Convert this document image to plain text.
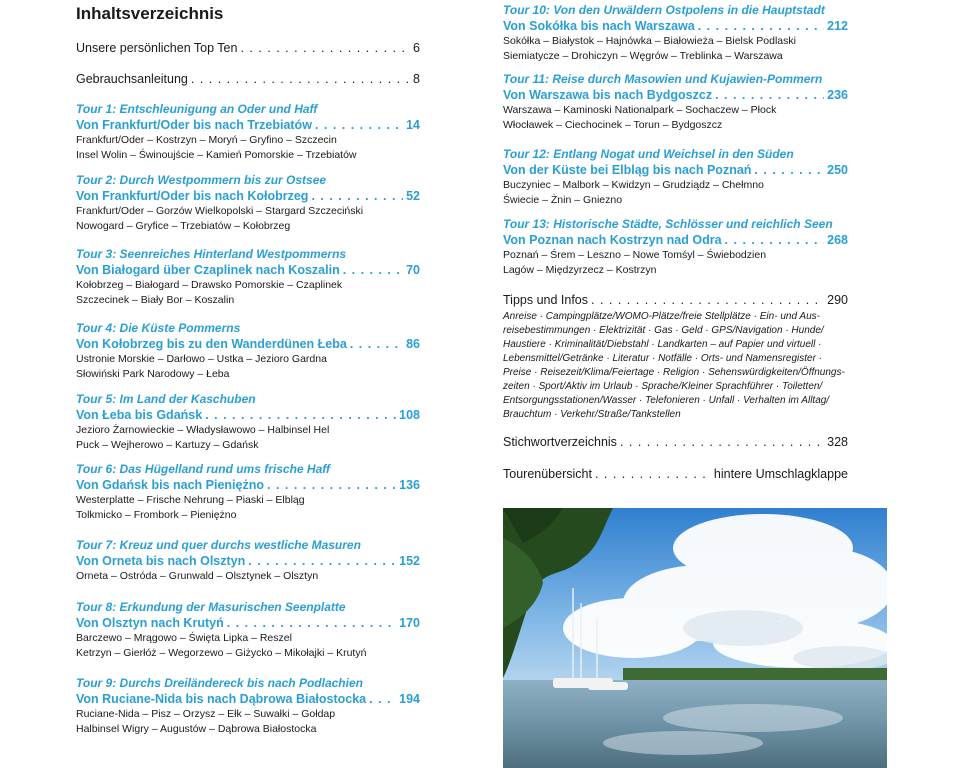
Inhaltsverzeichnis
Unsere persönlichen Top Ten . . .	6
Gebrauchsanleitung . . .	8
Tour 1: Entschleunigung an Oder und Haff
Von Frankfurt/Oder bis nach Trzebiatów . . .	14
Frankfurt/Oder – Kostrzyn – Moryń – Gryfino – Szczecin
Insel Wolin – Świnoujście – Kamień Pomorskie – Trzebiatów
Tour 2: Durch Westpommern bis zur Ostsee
Von Frankfurt/Oder bis nach Kołobrzeg . . .	52
Frankfurt/Oder – Gorzów Wielkopolski – Stargard Szczeciński
Nowogard – Gryfice – Trzebiatów – Kołobrzeg
Tour 3: Seenreiches Hinterland Westpommerns
Von Białogard über Czaplinek nach Koszalin . . .	70
Kołobrzeg – Białogard – Drawsko Pomorskie – Czaplinek
Szczecinek – Biały Bor – Koszalin
Tour 4: Die Küste Pommerns
Von Kołobrzeg bis zu den Wanderdünen Łeba . . .	86
Ustronie Morskie – Darłowo – Ustka – Jezioro Gardna
Słowiński Park Narodowy – Łeba
Tour 5: Im Land der Kaschuben
Von Łeba bis Gdańsk . . .	108
Jezioro Żarnowieckie – Władysławowo – Halbinsel Hel
Puck – Wejherowo – Kartuzy – Gdańsk
Tour 6: Das Hügelland rund ums frische Haff
Von Gdańsk bis nach Pieniężno . . .	136
Westerplatte – Frische Nehrung – Piaski – Elbląg
Tolkmicko – Frombork – Pieniężno
Tour 7: Kreuz und quer durchs westliche Masuren
Von Orneta bis nach Olsztyn . . .	152
Orneta – Ostróda – Grunwald – Olsztynek – Olsztyn
Tour 8: Erkundung der Masurischen Seenplatte
Von Olsztyn nach Krutyń . . .	170
Barczewo – Mrągowo – Święta Lipka – Reszel
Ketrzyn – Gierłóż – Wegorzewo – Giżycko – Mikołajki – Krutyń
Tour 9: Durchs Dreiländereck bis nach Podlachien
Von Ruciane-Nida bis nach Dąbrowa Białostocka . . .	194
Ruciane-Nida – Pisz – Orzysz – Ełk – Suwałki – Gołdap
Halbinsel Wigry – Augustów – Dąbrowa Białostocka
Tour 10: Von den Urwäldern Ostpolens in die Hauptstadt
Von Sokółka bis nach Warszawa . . .	212
Sokółka – Białystok – Hajnówka – Białowieża – Bielsk Podlaski
Siemiatycze – Drohiczyn – Węgrów – Treblinka – Warszawa
Tour 11: Reise durch Masowien und Kujawien-Pommern
Von Warszawa bis nach Bydgoszcz . . .	236
Warszawa – Kaminoski Nationalpark – Sochaczew – Płock
Włocławek – Ciechocinek – Torun – Bydgoszcz
Tour 12: Entlang Nogat und Weichsel in den Süden
Von der Küste bei Elbląg bis nach Poznań . . .	250
Buczyniec – Malbork – Kwidzyn – Grudziądz – Chełmno
Świecie – Żnin – Gniezno
Tour 13: Historische Städte, Schlösser und reichlich Seen
Von Poznan nach Kostrzyn nad Odra . . .	268
Poznań – Śrem – Leszno – Nowe Tomśyl – Świebodzien
Lagów – Międzyrzecz – Kostrzyn
Tipps und Infos . . .	290
Anreise · Campingplätze/WOMO-Plätze/freie Stellplätze · Ein- und Aus-
reisebestimmungen · Elektrizität · Gas · Geld · GPS/Navigation · Hunde/
Haustiere · Kriminalität/Diebstahl · Landkarten – auf Papier und virtuell ·
Lebensmittel/Getränke · Literatur · Notfälle · Orts- und Namensregister ·
Preise · Reisezeit/Klima/Feiertage · Religion · Sehenswürdigkeiten/Öffnungs-
zeiten · Sport/Aktiv im Urlaub · Sprache/Kleiner Sprachführer · Toiletten/
Entsorgungsstationen/Wasser · Telefonieren · Unfall · Verhalten im Alltag/
Brauchtum · Verkehr/Straße/Tankstellen
Stichwortverzeichnis . . .	328
Tourenübersicht . . .	hintere Umschlagklappe
